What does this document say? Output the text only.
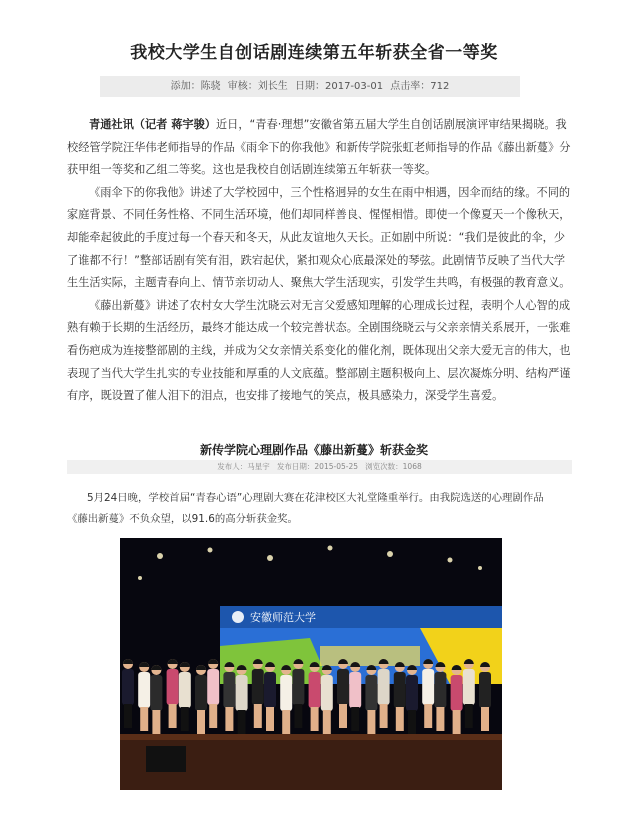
我校大学生自创话剧连续第五年斩获全省一等奖
添加：陈骁 审核：刘长生 日期：2017-03-01 点击率：712

青通社讯（记者 蒋宇骏）近日，“青春·理想”安徽省第五届大学生自创话剧展演评审结果揭晓。我校经管学院汪华伟老师指导的作品《雨伞下的你我他》和新传学院张虹老师指导的作品《藤出新蔓》分获甲组一等奖和乙组二等奖。这也是我校自创话剧连续第五年斩获一等奖。

《雨伞下的你我他》讲述了大学校园中，三个性格迥异的女生在雨中相遇，因伞而结的缘。不同的家庭背景、不同任务性格、不同生活环境，他们却同样善良、惺惺相惜。即使一个像夏天一个像秋天，却能牵起彼此的手度过每一个春天和冬天，从此友谊地久天长。正如剧中所说：“我们是彼此的伞，少了谁都不行！”整部话剧有笑有泪，跌宕起伏，紧扣观众心底最深处的琴弦。此剧情节反映了当代大学生生活实际，主题青春向上、情节亲切动人、聚焦大学生活现实，引发学生共鸣，有极强的教育意义。

《藤出新蔓》讲述了农村女大学生沈晓云对无言父爱感知理解的心理成长过程，表明个人心智的成熟有赖于长期的生活经历，最终才能达成一个较完善状态。全剧围绕晓云与父亲亲情关系展开，一张难看伤疤成为连接整部剧的主线，并成为父女亲情关系变化的催化剂，既体现出父亲大爱无言的伟大，也表现了当代大学生扎实的专业技能和厚重的人文底蕴。整部剧主题积极向上、层次凝炼分明、结构严谨有序，既设置了催人泪下的泪点，也安排了接地气的笑点，极具感染力，深受学生喜爱。

新传学院心理剧作品《藤出新蔓》斩获金奖
发布人：马星宇 发布日期：2015-05-25 浏览次数：1068

5月24日晚，学校首届“青春心语”心理剧大赛在花津校区大礼堂隆重举行。由我院选送的心理剧作品《藤出新蔓》不负众望，以91.6的高分斩获金奖。

安徽师范大学
